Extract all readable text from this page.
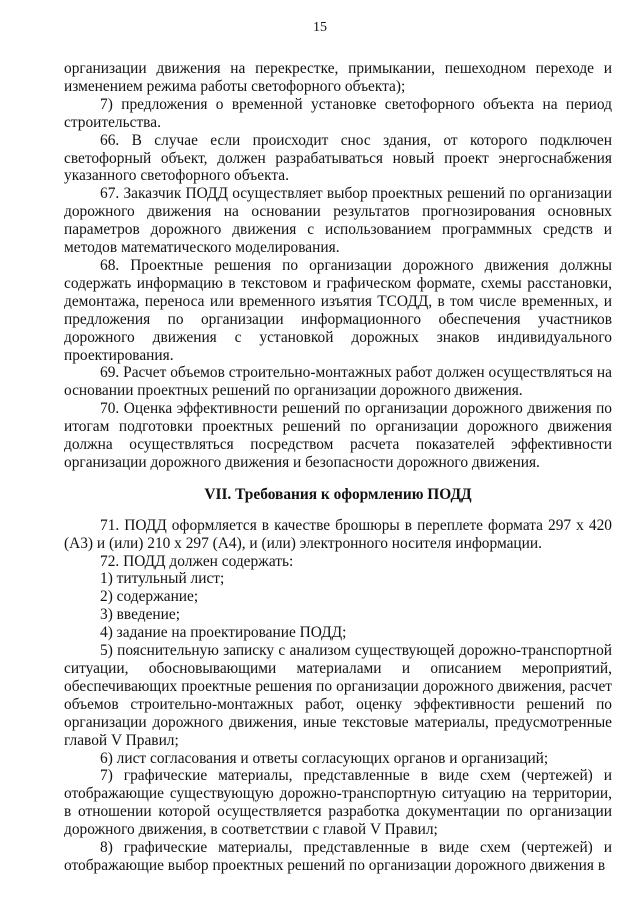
15

организации движения на перекрестке, примыкании, пешеходном переходе и изменением режима работы светофорного объекта);

7) предложения о временной установке светофорного объекта на период строительства.

66. В случае если происходит снос здания, от которого подключен светофорный объект, должен разрабатываться новый проект энергоснабжения указанного светофорного объекта.

67. Заказчик ПОДД осуществляет выбор проектных решений по организации дорожного движения на основании результатов прогнозирования основных параметров дорожного движения с использованием программных средств и методов математического моделирования.

68. Проектные решения по организации дорожного движения должны содержать информацию в текстовом и графическом формате, схемы расстановки, демонтажа, переноса или временного изъятия ТСОДД, в том числе временных, и предложения по организации информационного обеспечения участников дорожного движения с установкой дорожных знаков индивидуального проектирования.

69. Расчет объемов строительно-монтажных работ должен осуществляться на основании проектных решений по организации дорожного движения.

70. Оценка эффективности решений по организации дорожного движения по итогам подготовки проектных решений по организации дорожного движения должна осуществляться посредством расчета показателей эффективности организации дорожного движения и безопасности дорожного движения.

VII. Требования к оформлению ПОДД

71. ПОДД оформляется в качестве брошюры в переплете формата 297 x 420 (A3) и (или) 210 x 297 (A4), и (или) электронного носителя информации.

72. ПОДД должен содержать:

1) титульный лист;

2) содержание;

3) введение;

4) задание на проектирование ПОДД;

5) пояснительную записку с анализом существующей дорожно-транспортной ситуации, обосновывающими материалами и описанием мероприятий, обеспечивающих проектные решения по организации дорожного движения, расчет объемов строительно-монтажных работ, оценку эффективности решений по организации дорожного движения, иные текстовые материалы, предусмотренные главой V Правил;

6) лист согласования и ответы согласующих органов и организаций;

7) графические материалы, представленные в виде схем (чертежей) и отображающие существующую дорожно-транспортную ситуацию на территории, в отношении которой осуществляется разработка документации по организации дорожного движения, в соответствии с главой V Правил;

8) графические материалы, представленные в виде схем (чертежей) и отображающие выбор проектных решений по организации дорожного движения в
